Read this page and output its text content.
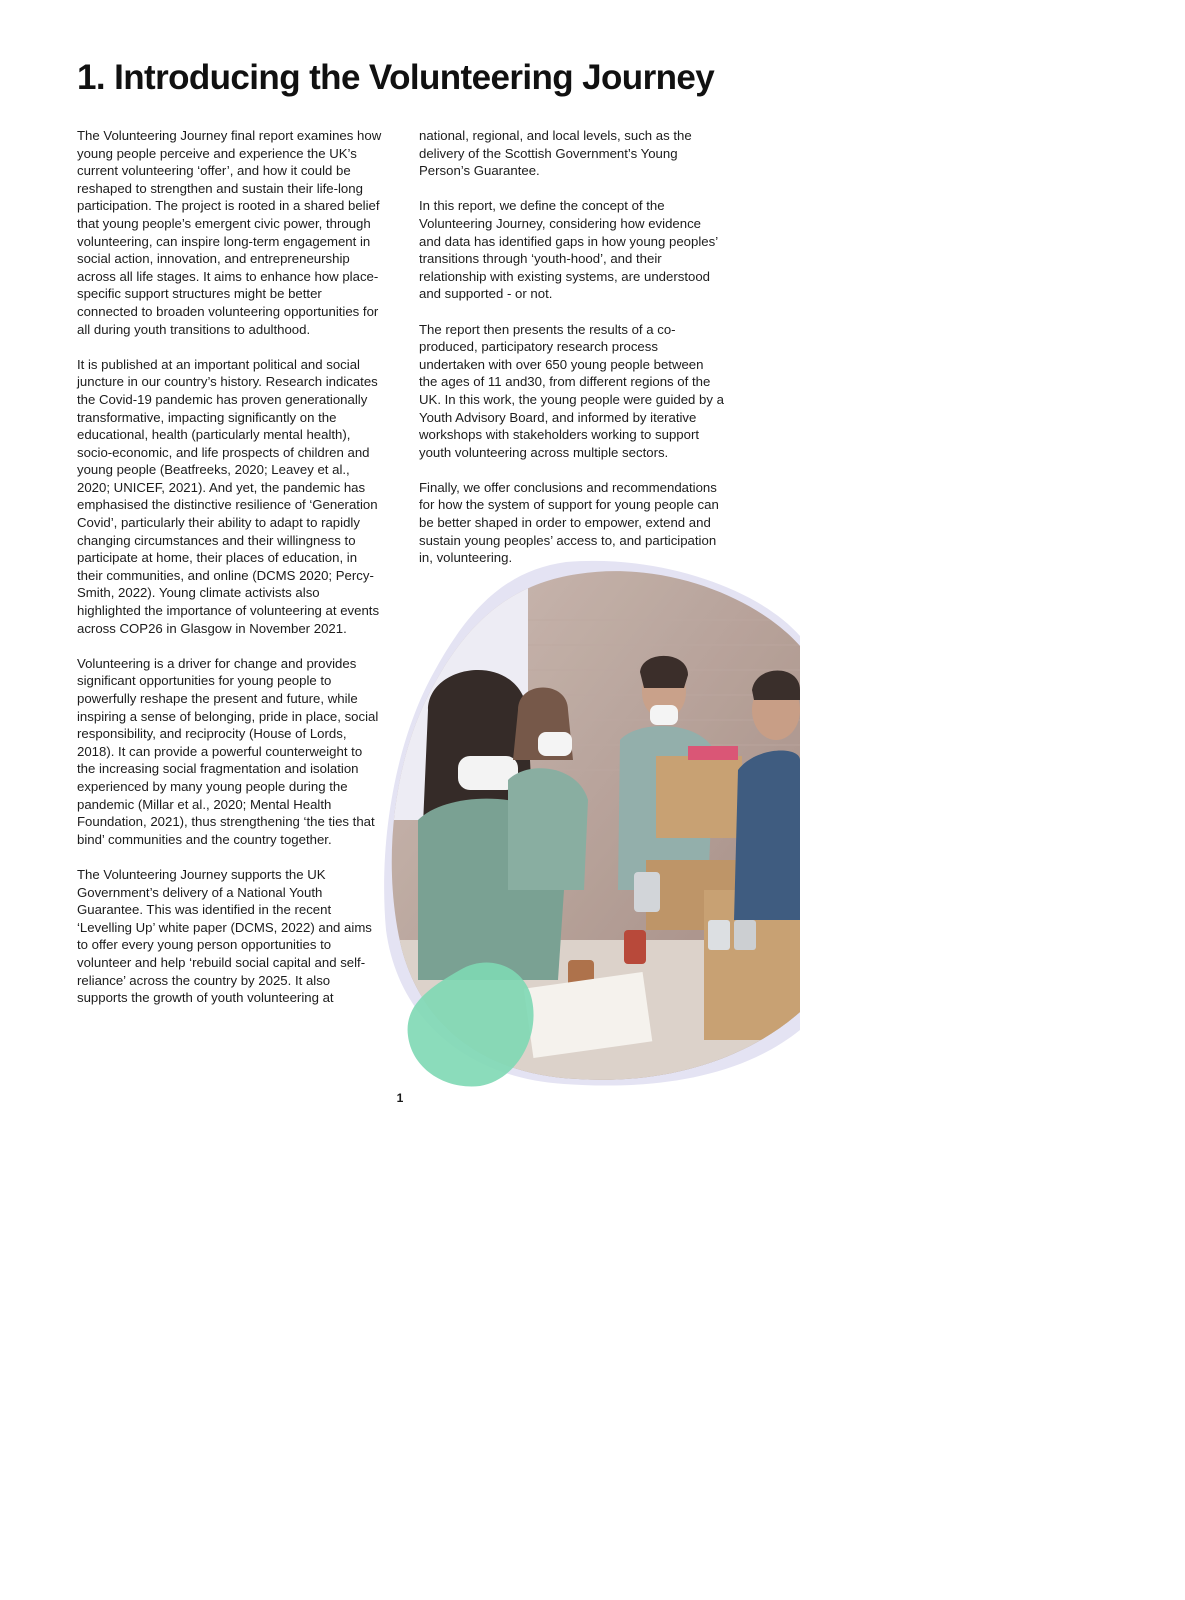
1. Introducing the Volunteering Journey

The Volunteering Journey final report examines how young people perceive and experience the UK’s current volunteering ‘offer’, and how it could be reshaped to strengthen and sustain their life-long participation. The project is rooted in a shared belief that young people’s emergent civic power, through volunteering, can inspire long-term engagement in social action, innovation, and entrepreneurship across all life stages. It aims to enhance how place-specific support structures might be better connected to broaden volunteering opportunities for all during youth transitions to adulthood.

It is published at an important political and social juncture in our country’s history. Research indicates the Covid-19 pandemic has proven generationally transformative, impacting significantly on the educational, health (particularly mental health), socio-economic, and life prospects of children and young people (Beatfreeks, 2020; Leavey et al., 2020; UNICEF, 2021). And yet, the pandemic has emphasised the distinctive resilience of ‘Generation Covid’, particularly their ability to adapt to rapidly changing circumstances and their willingness to participate at home, their places of education, in their communities, and online (DCMS 2020; Percy-Smith, 2022). Young climate activists also highlighted the importance of volunteering at events across COP26 in Glasgow in November 2021.

Volunteering is a driver for change and provides significant opportunities for young people to powerfully reshape the present and future, while inspiring a sense of belonging, pride in place, social responsibility, and reciprocity (House of Lords, 2018). It can provide a powerful counterweight to the increasing social fragmentation and isolation experienced by many young people during the pandemic (Millar et al., 2020; Mental Health Foundation, 2021), thus strengthening ‘the ties that bind’ communities and the country together.

The Volunteering Journey supports the UK Government’s delivery of a National Youth Guarantee. This was identified in the recent ‘Levelling Up’ white paper (DCMS, 2022) and aims to offer every young person opportunities to volunteer and help ‘rebuild social capital and self-reliance’ across the country by 2025. It also supports the growth of youth volunteering at

national, regional, and local levels, such as the delivery of the Scottish Government’s Young Person’s Guarantee.

In this report, we define the concept of the Volunteering Journey, considering how evidence and data has identified gaps in how young peoples’ transitions through ‘youth-hood’, and their relationship with existing systems, are understood and supported - or not.

The report then presents the results of a co-produced, participatory research process undertaken with over 650 young people between the ages of 11 and30, from different regions of the UK. In this work, the young people were guided by a Youth Advisory Board, and informed by iterative workshops with stakeholders working to support youth volunteering across multiple sectors.

Finally, we offer conclusions and recommendations for how the system of support for young people can be better shaped in order to empower, extend and sustain young peoples’ access to, and participation in, volunteering.

© Zoran Zeremski / Adobe Stock
1
